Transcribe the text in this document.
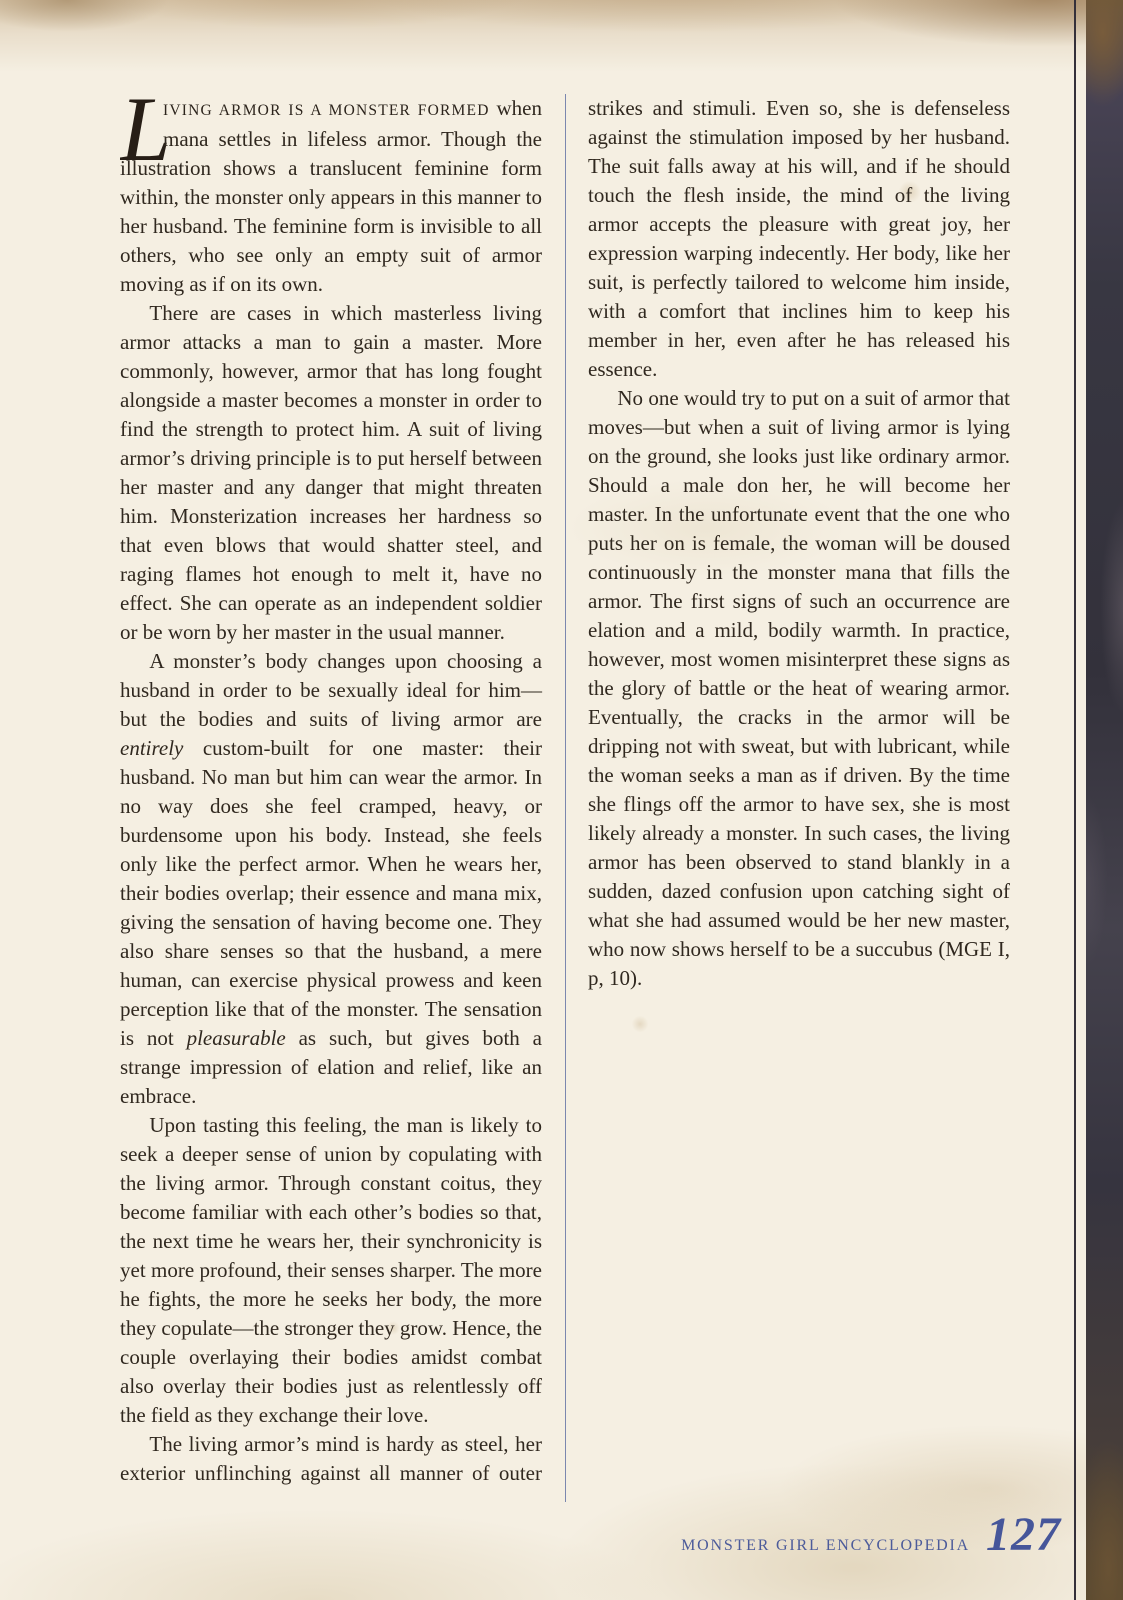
L
IVING ARMOR IS A MONSTER FORMED when mana settles in lifeless armor. Though the illustration shows a translucent feminine form within, the monster only appears in this manner to her husband. The feminine form is invisible to all others, who see only an empty suit of armor moving as if on its own.

There are cases in which masterless living armor attacks a man to gain a master. More commonly, however, armor that has long fought alongside a master becomes a monster in order to find the strength to protect him. A suit of living armor’s driving principle is to put herself between her master and any danger that might threaten him. Monsterization increases her hardness so that even blows that would shatter steel, and raging flames hot enough to melt it, have no effect. She can operate as an independent soldier or be worn by her master in the usual manner.

A monster’s body changes upon choosing a husband in order to be sexually ideal for him—but the bodies and suits of living armor are entirely custom-built for one master: their husband. No man but him can wear the armor. In no way does she feel cramped, heavy, or burdensome upon his body. Instead, she feels only like the perfect armor. When he wears her, their bodies overlap; their essence and mana mix, giving the sensation of having become one. They also share senses so that the husband, a mere human, can exercise physical prowess and keen perception like that of the monster. The sensation is not pleasurable as such, but gives both a strange impression of elation and relief, like an embrace.

Upon tasting this feeling, the man is likely to seek a deeper sense of union by copulating with the living armor. Through constant coitus, they become familiar with each other’s bodies so that, the next time he wears her, their synchronicity is yet more profound, their senses sharper. The more he fights, the more he seeks her body, the more they copulate—the stronger they grow. Hence, the couple overlaying their bodies amidst combat also overlay their bodies just as relentlessly off the field as they exchange their love.

The living armor’s mind is hardy as steel, her exterior unflinching against all manner of outer strikes and stimuli. Even so, she is defenseless against the stimulation imposed by her husband. The suit falls away at his will, and if he should touch the flesh inside, the mind of the living armor accepts the pleasure with great joy, her expression warping indecently. Her body, like her suit, is perfectly tailored to welcome him inside, with a comfort that inclines him to keep his member in her, even after he has released his essence.

No one would try to put on a suit of armor that moves—but when a suit of living armor is lying on the ground, she looks just like ordinary armor. Should a male don her, he will become her master. In the unfortunate event that the one who puts her on is female, the woman will be doused continuously in the monster mana that fills the armor. The first signs of such an occurrence are elation and a mild, bodily warmth. In practice, however, most women misinterpret these signs as the glory of battle or the heat of wearing armor. Eventually, the cracks in the armor will be dripping not with sweat, but with lubricant, while the woman seeks a man as if driven. By the time she flings off the armor to have sex, she is most likely already a monster. In such cases, the living armor has been observed to stand blankly in a sudden, dazed confusion upon catching sight of what she had assumed would be her new master, who now shows herself to be a succubus (MGE I, p, 10).

MONSTER GIRL ENCYCLOPEDIA 127
